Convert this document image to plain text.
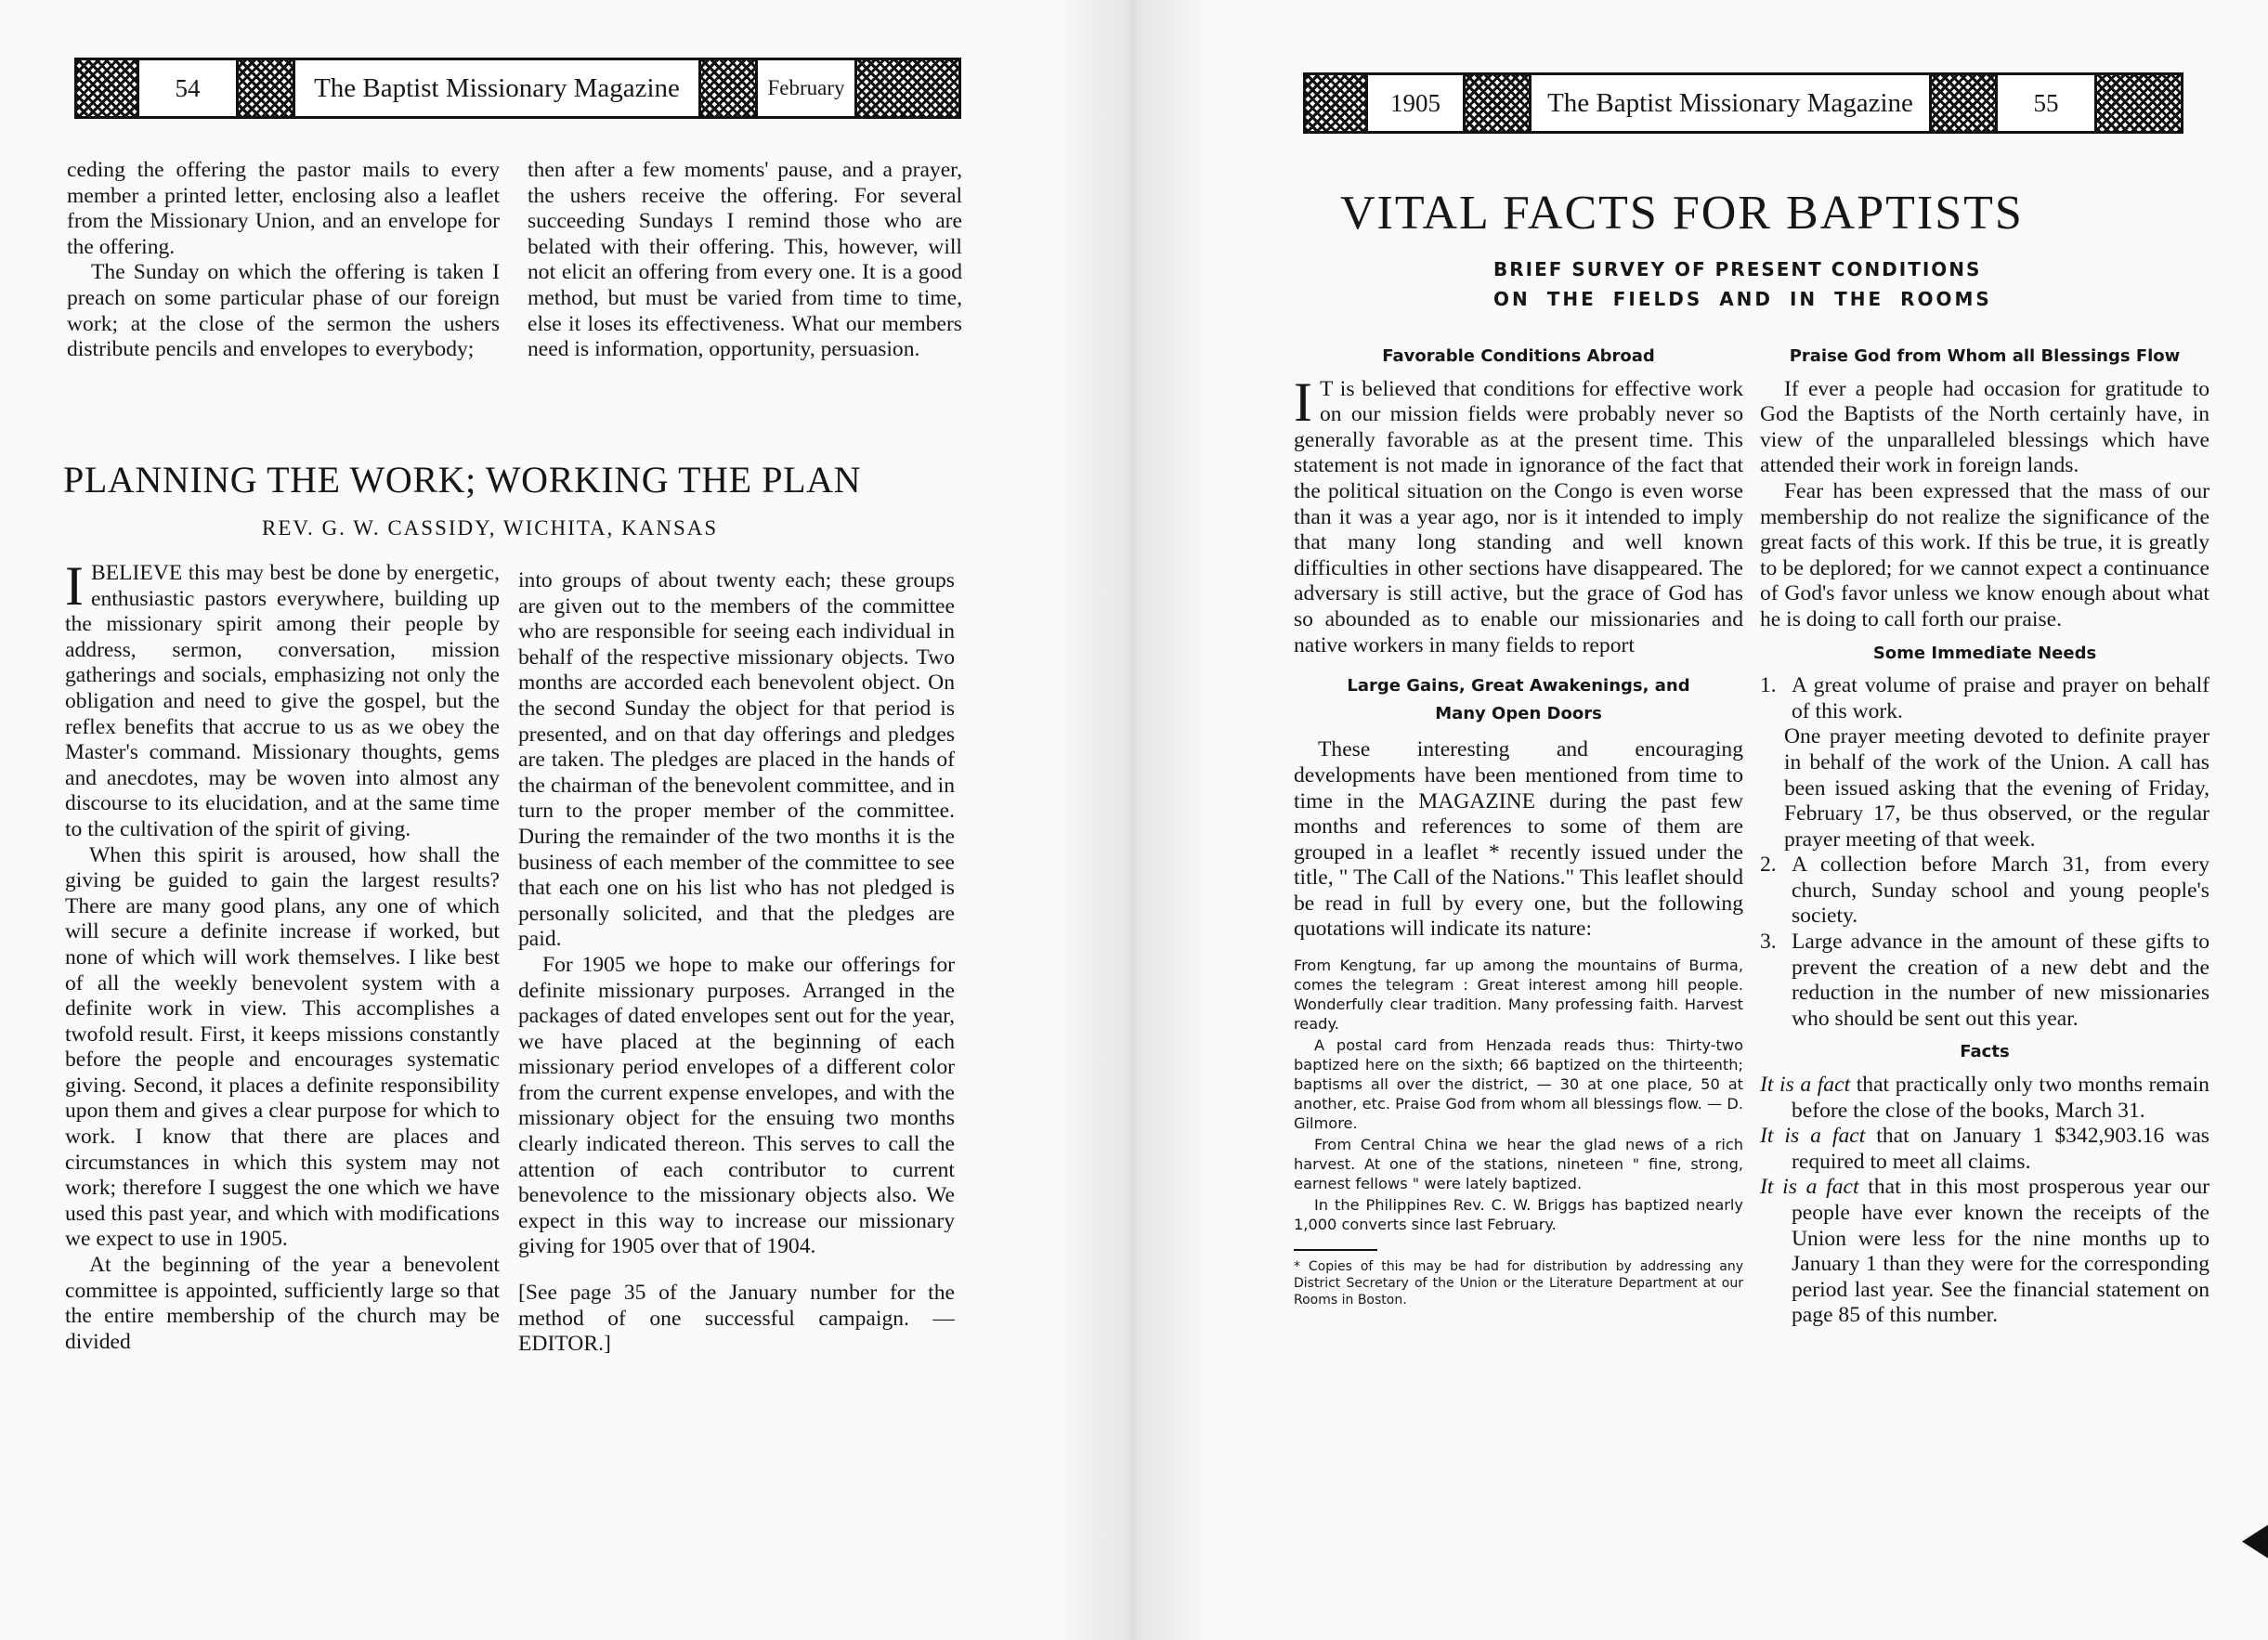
54	The Baptist Missionary Magazine	February

ceding the offering the pastor mails to every member a printed letter, enclosing also a leaflet from the Missionary Union, and an envelope for the offering.

The Sunday on which the offering is taken I preach on some particular phase of our foreign work; at the close of the sermon the ushers distribute pencils and envelopes to everybody;

then after a few moments' pause, and a prayer, the ushers receive the offering. For several succeeding Sundays I remind those who are belated with their offering. This, however, will not elicit an offering from every one. It is a good method, but must be varied from time to time, else it loses its effectiveness. What our members need is information, opportunity, persuasion.

PLANNING THE WORK; WORKING THE PLAN
REV. G. W. CASSIDY, WICHITA, KANSAS

IBELIEVE this may best be done by energetic, enthusiastic pastors everywhere, building up the missionary spirit among their people by address, sermon, conversation, mission gatherings and socials, emphasizing not only the obligation and need to give the gospel, but the reflex benefits that accrue to us as we obey the Master's command. Missionary thoughts, gems and anecdotes, may be woven into almost any discourse to its elucidation, and at the same time to the cultivation of the spirit of giving.

When this spirit is aroused, how shall the giving be guided to gain the largest results? There are many good plans, any one of which will secure a definite increase if worked, but none of which will work themselves. I like best of all the weekly benevolent system with a definite work in view. This accomplishes a twofold result. First, it keeps missions constantly before the people and encourages systematic giving. Second, it places a definite responsibility upon them and gives a clear purpose for which to work. I know that there are places and circumstances in which this system may not work; therefore I suggest the one which we have used this past year, and which with modifications we expect to use in 1905.

At the beginning of the year a benevolent committee is appointed, sufficiently large so that the entire membership of the church may be divided

into groups of about twenty each; these groups are given out to the members of the committee who are responsible for seeing each individual in behalf of the respective missionary objects. Two months are accorded each benevolent object. On the second Sunday the object for that period is presented, and on that day offerings and pledges are taken. The pledges are placed in the hands of the chairman of the benevolent committee, and in turn to the proper member of the committee. During the remainder of the two months it is the business of each member of the committee to see that each one on his list who has not pledged is personally solicited, and that the pledges are paid.

For 1905 we hope to make our offerings for definite missionary purposes. Arranged in the packages of dated envelopes sent out for the year, we have placed at the beginning of each missionary period envelopes of a different color from the current expense envelopes, and with the missionary object for the ensuing two months clearly indicated thereon. This serves to call the attention of each contributor to current benevolence to the missionary objects also. We expect in this way to increase our missionary giving for 1905 over that of 1904.

[See page 35 of the January number for the method of one successful campaign. — EDITOR.]

1905	The Baptist Missionary Magazine	55
VITAL FACTS FOR BAPTISTS
BRIEF SURVEY OF PRESENT CONDITIONS
ON THE FIELDS AND IN THE ROOMS
Favorable Conditions Abroad

I T is believed that conditions for effective work on our mission fields were probably never so generally favorable as at the present time. This statement is not made in ignorance of the fact that the political situation on the Congo is even worse than it was a year ago, nor is it intended to imply that many long standing and well known difficulties in other sections have disappeared. The adversary is still active, but the grace of God has so abounded as to enable our missionaries and native workers in many fields to report

Large Gains, Great Awakenings, and
Many Open Doors

These interesting and encouraging developments have been mentioned from time to time in the MAGAZINE during the past few months and references to some of them are grouped in a leaflet * recently issued under the title, " The Call of the Nations." This leaflet should be read in full by every one, but the following quotations will indicate its nature:

From Kengtung, far up among the mountains of Burma, comes the telegram : Great interest among hill people. Wonderfully clear tradition. Many professing faith. Harvest ready.

A postal card from Henzada reads thus: Thirty-two baptized here on the sixth; 66 baptized on the thirteenth; baptisms all over the district, — 30 at one place, 50 at another, etc. Praise God from whom all blessings flow. — D. Gilmore.

From Central China we hear the glad news of a rich harvest. At one of the stations, nineteen " fine, strong, earnest fellows " were lately baptized.

In the Philippines Rev. C. W. Briggs has baptized nearly 1,000 converts since last February.

* Copies of this may be had for distribution by addressing any District Secretary of the Union or the Literature Department at our Rooms in Boston.
Praise God from Whom all Blessings Flow

If ever a people had occasion for gratitude to God the Baptists of the North certainly have, in view of the unparalleled blessings which have attended their work in foreign lands.

Fear has been expressed that the mass of our membership do not realize the significance of the great facts of this work. If this be true, it is greatly to be deplored; for we cannot expect a continuance of God's favor unless we know enough about what he is doing to call forth our praise.

Some Immediate Needs
1. A great volume of praise and prayer on behalf of this work.

One prayer meeting devoted to definite prayer in behalf of the work of the Union. A call has been issued asking that the evening of Friday, February 17, be thus observed, or the regular prayer meeting of that week.

2. A collection before March 31, from every church, Sunday school and young people's society.

3. Large advance in the amount of these gifts to prevent the creation of a new debt and the reduction in the number of new missionaries who should be sent out this year.

Facts

It is a fact that practically only two months remain before the close of the books, March 31.

It is a fact that on January 1 $342,903.16 was required to meet all claims.

It is a fact that in this most prosperous year our people have ever known the receipts of the Union were less for the nine months up to January 1 than they were for the corresponding period last year. See the financial statement on page 85 of this number.
